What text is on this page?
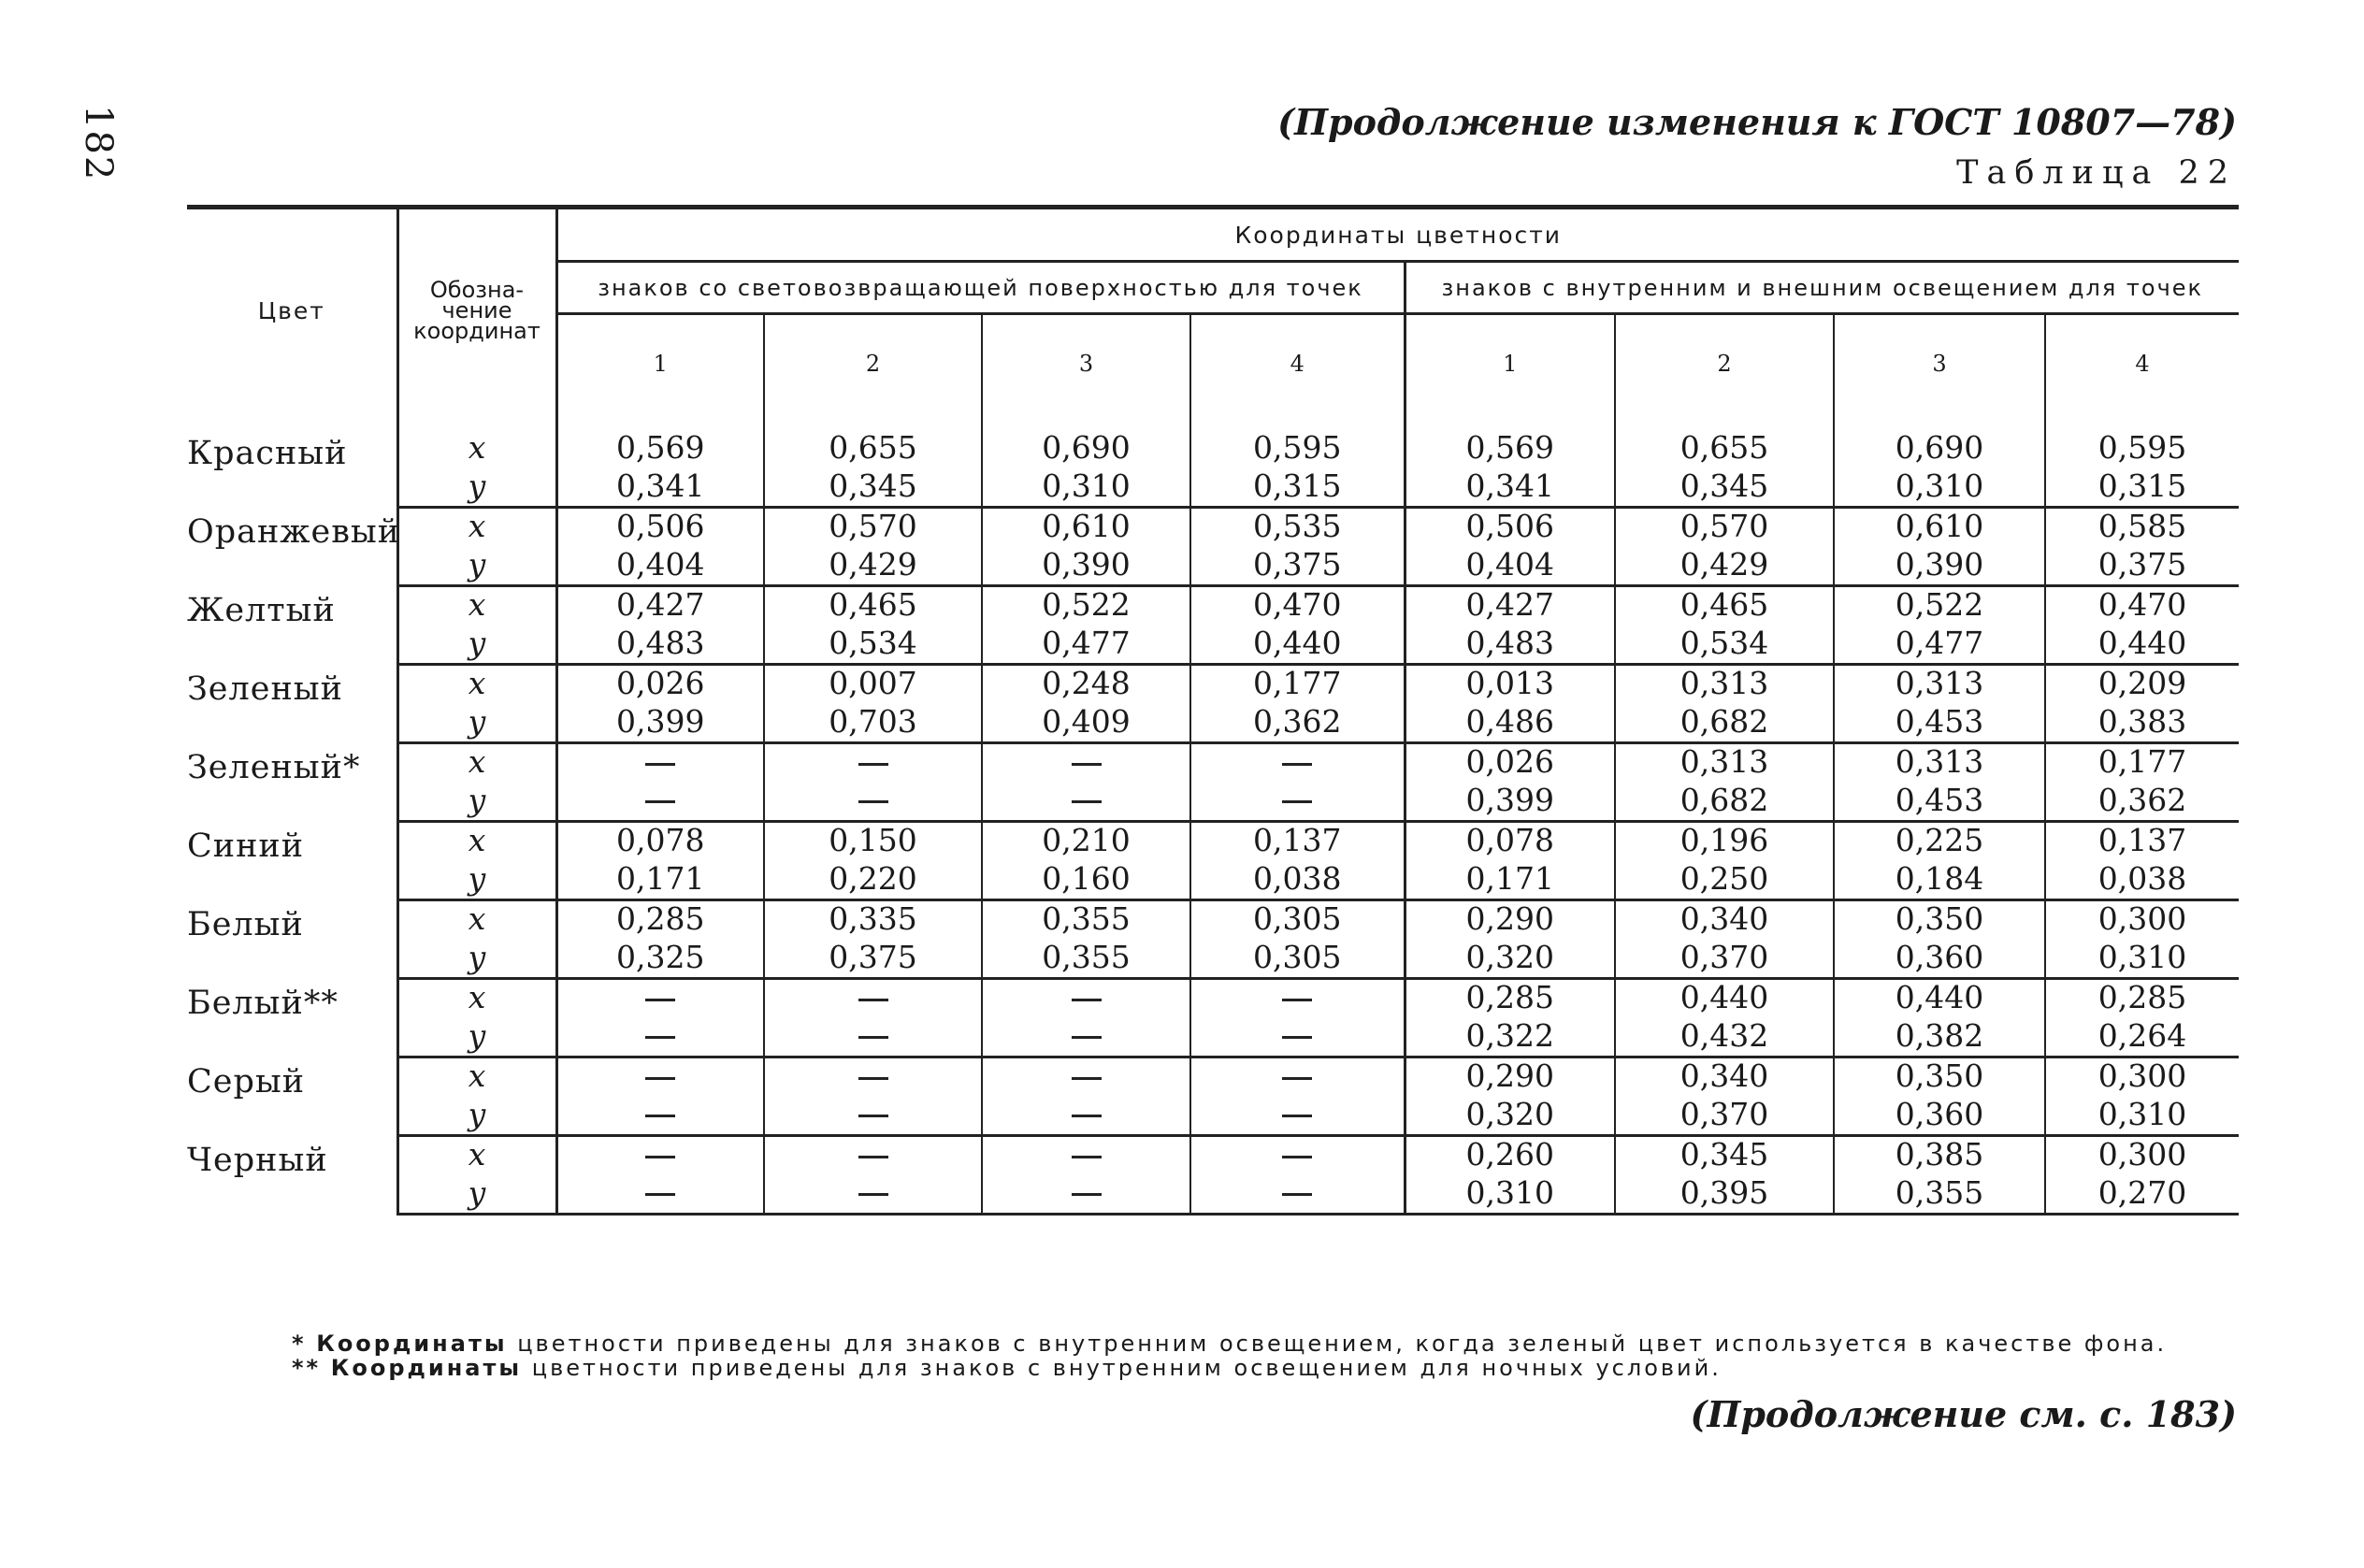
182	(Продолжение изменения к ГОСТ 10807—78)
Таблица 22
Цвет	Обозна-
чение
координат	Координаты цветности							
		знаков со световозвращающей поверхностью для точек				знаков с внутренним и внешним освещением для точек			
		1	2	3	4	1	2	3	4

Красный	x	0,569	0,655	0,690	0,595	0,569	0,655	0,690	0,595
	y	0,341	0,345	0,310	0,315	0,341	0,345	0,310	0,315
Оранжевый	x	0,506	0,570	0,610	0,535	0,506	0,570	0,610	0,585
	y	0,404	0,429	0,390	0,375	0,404	0,429	0,390	0,375
Желтый	x	0,427	0,465	0,522	0,470	0,427	0,465	0,522	0,470
	y	0,483	0,534	0,477	0,440	0,483	0,534	0,477	0,440
Зеленый	x	0,026	0,007	0,248	0,177	0,013	0,313	0,313	0,209
	y	0,399	0,703	0,409	0,362	0,486	0,682	0,453	0,383
Зеленый*	x					0,026	0,313	0,313	0,177
	y					0,399	0,682	0,453	0,362
Синий	x	0,078	0,150	0,210	0,137	0,078	0,196	0,225	0,137
	y	0,171	0,220	0,160	0,038	0,171	0,250	0,184	0,038
Белый	x	0,285	0,335	0,355	0,305	0,290	0,340	0,350	0,300
	y	0,325	0,375	0,355	0,305	0,320	0,370	0,360	0,310
Белый**	x					0,285	0,440	0,440	0,285
	y					0,322	0,432	0,382	0,264
Серый	x					0,290	0,340	0,350	0,300
	y					0,320	0,370	0,360	0,310
Черный	x					0,260	0,345	0,385	0,300
	y					0,310	0,395	0,355	0,270
* Координаты цветности приведены для знаков с внутренним освещением, когда зеленый цвет используется в качестве фона.
** Координаты цветности приведены для знаков с внутренним освещением для ночных условий.
(Продолжение см. с. 183)
